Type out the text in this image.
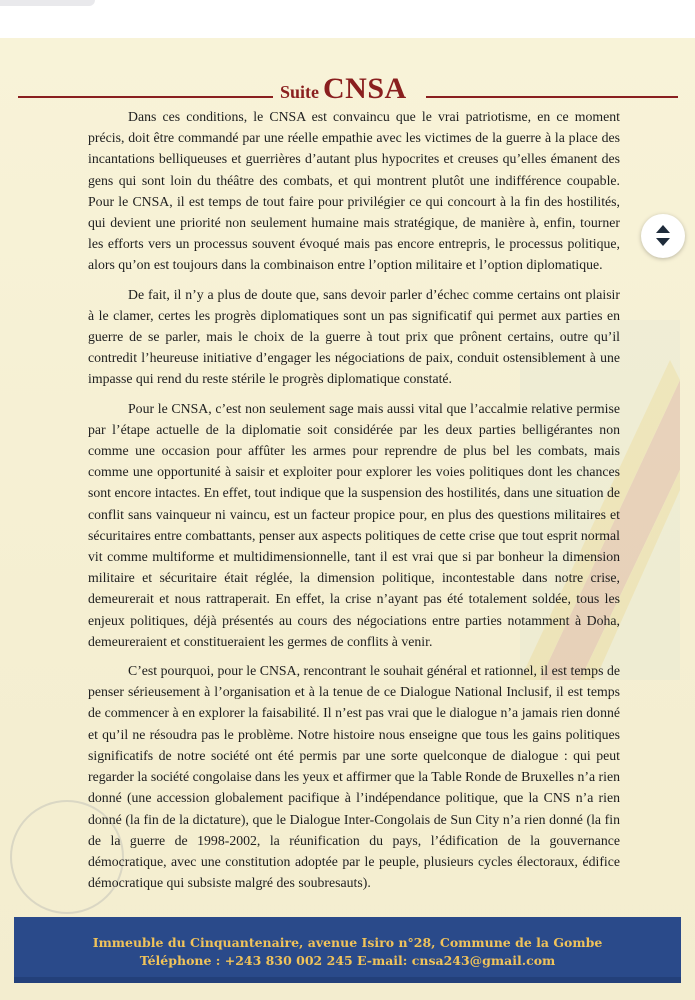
Suite CNSA

Dans ces conditions, le CNSA est convaincu que le vrai patriotisme, en ce moment précis, doit être commandé par une réelle empathie avec les victimes de la guerre à la place des incantations belliqueuses et guerrières d’autant plus hypocrites et creuses qu’elles émanent des gens qui sont loin du théâtre des combats, et qui montrent plutôt une indifférence coupable. Pour le CNSA, il est temps de tout faire pour privilégier ce qui concourt à la fin des hostilités, qui devient une priorité non seulement humaine mais stratégique, de manière à, enfin, tourner les efforts vers un processus souvent évoqué mais pas encore entrepris, le processus politique, alors qu’on est toujours dans la combinaison entre l’option militaire et l’option diplomatique.

De fait, il n’y a plus de doute que, sans devoir parler d’échec comme certains ont plaisir à le clamer, certes les progrès diplomatiques sont un pas significatif qui permet aux parties en guerre de se parler, mais le choix de la guerre à tout prix que prônent certains, outre qu’il contredit l’heureuse initiative d’engager les négociations de paix, conduit ostensiblement à une impasse qui rend du reste stérile le progrès diplomatique constaté.

Pour le CNSA, c’est non seulement sage mais aussi vital que l’accalmie relative permise par l’étape actuelle de la diplomatie soit considérée par les deux parties belligérantes non comme une occasion pour affûter les armes pour reprendre de plus bel les combats, mais comme une opportunité à saisir et exploiter pour explorer les voies politiques dont les chances sont encore intactes. En effet, tout indique que la suspension des hostilités, dans une situation de conflit sans vainqueur ni vaincu, est un facteur propice pour, en plus des questions militaires et sécuritaires entre combattants, penser aux aspects politiques de cette crise que tout esprit normal vit comme multiforme et multidimensionnelle, tant il est vrai que si par bonheur la dimension militaire et sécuritaire était réglée, la dimension politique, incontestable dans notre crise, demeurerait et nous rattraperait. En effet, la crise n’ayant pas été totalement soldée, tous les enjeux politiques, déjà présentés au cours des négociations entre parties notamment à Doha, demeureraient et constitueraient les germes de conflits à venir.

C’est pourquoi, pour le CNSA, rencontrant le souhait général et rationnel, il est temps de penser sérieusement à l’organisation et à la tenue de ce Dialogue National Inclusif, il est temps de commencer à en explorer la faisabilité. Il n’est pas vrai que le dialogue n’a jamais rien donné et qu’il ne résoudra pas le problème. Notre histoire nous enseigne que tous les gains politiques significatifs de notre société ont été permis par une sorte quelconque de dialogue : qui peut regarder la société congolaise dans les yeux et affirmer que la Table Ronde de Bruxelles n’a rien donné (une accession globalement pacifique à l’indépendance politique, que la CNS n’a rien donné (la fin de la dictature), que le Dialogue Inter-Congolais de Sun City n’a rien donné (la fin de la guerre de 1998-2002, la réunification du pays, l’édification de la gouvernance démocratique, avec une constitution adoptée par le peuple, plusieurs cycles électoraux, édifice démocratique qui subsiste malgré des soubresauts).

Immeuble du Cinquantenaire, avenue Isiro n°28, Commune de la Gombe
Téléphone : +243 830 002 245 E-mail: cnsa243@gmail.com
